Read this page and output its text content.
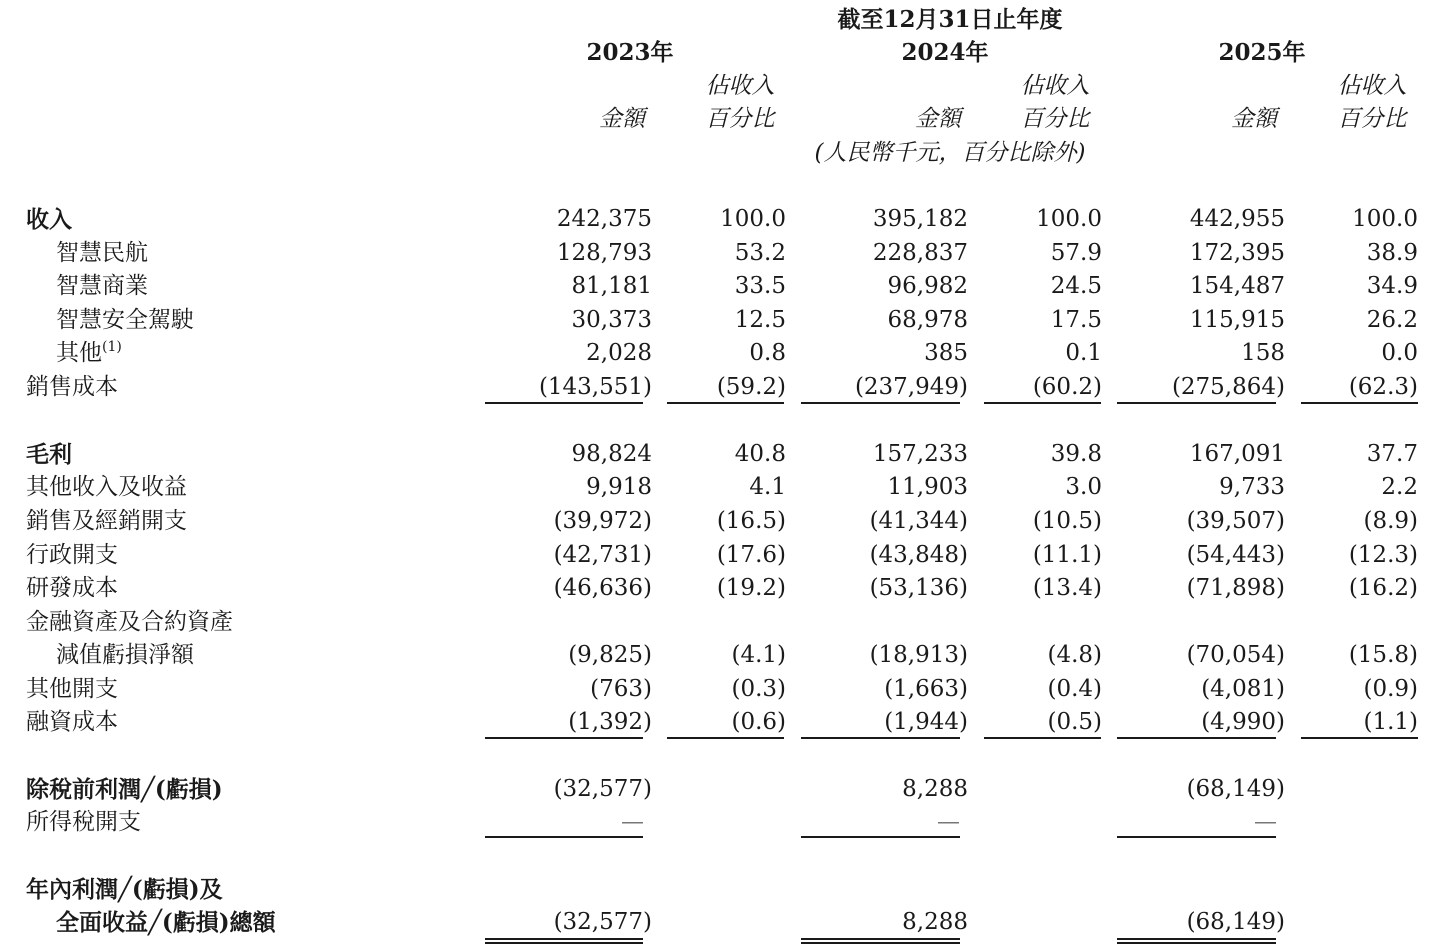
截至12月31日止年度
2023年	2024年	2025年
佔收入	佔收入	佔收入
金額	百分比	金額	百分比	金額	百分比
(人民幣千元，百分比除外)
收入	242,375	100.0	395,182	100.0	442,955	100.0
智慧民航	128,793	53.2	228,837	57.9	172,395	38.9
智慧商業	81,181	33.5	96,982	24.5	154,487	34.9
智慧安全駕駛	30,373	12.5	68,978	17.5	115,915	26.2
其他$^{(1)}$	2,028	0.8	385	0.1	158	0.0
銷售成本	(143,551)	(59.2)	(237,949)	(60.2)	(275,864)	(62.3)
毛利	98,824	40.8	157,233	39.8	167,091	37.7
其他收入及收益	9,918	4.1	11,903	3.0	9,733	2.2
銷售及經銷開支	(39,972)	(16.5)	(41,344)	(10.5)	(39,507)	(8.9)
行政開支	(42,731)	(17.6)	(43,848)	(11.1)	(54,443)	(12.3)
研發成本	(46,636)	(19.2)	(53,136)	(13.4)	(71,898)	(16.2)
金融資產及合約資產
減值虧損淨額	(9,825)	(4.1)	(18,913)	(4.8)	(70,054)	(15.8)
其他開支	(763)	(0.3)	(1,663)	(0.4)	(4,081)	(0.9)
融資成本	(1,392)	(0.6)	(1,944)	(0.5)	(4,990)	(1.1)
除稅前利潤╱(虧損)	(32,577)	8,288	(68,149)
所得稅開支	—	—	—
年內利潤╱(虧損)及
全面收益╱(虧損)總額	(32,577)	8,288	(68,149)
